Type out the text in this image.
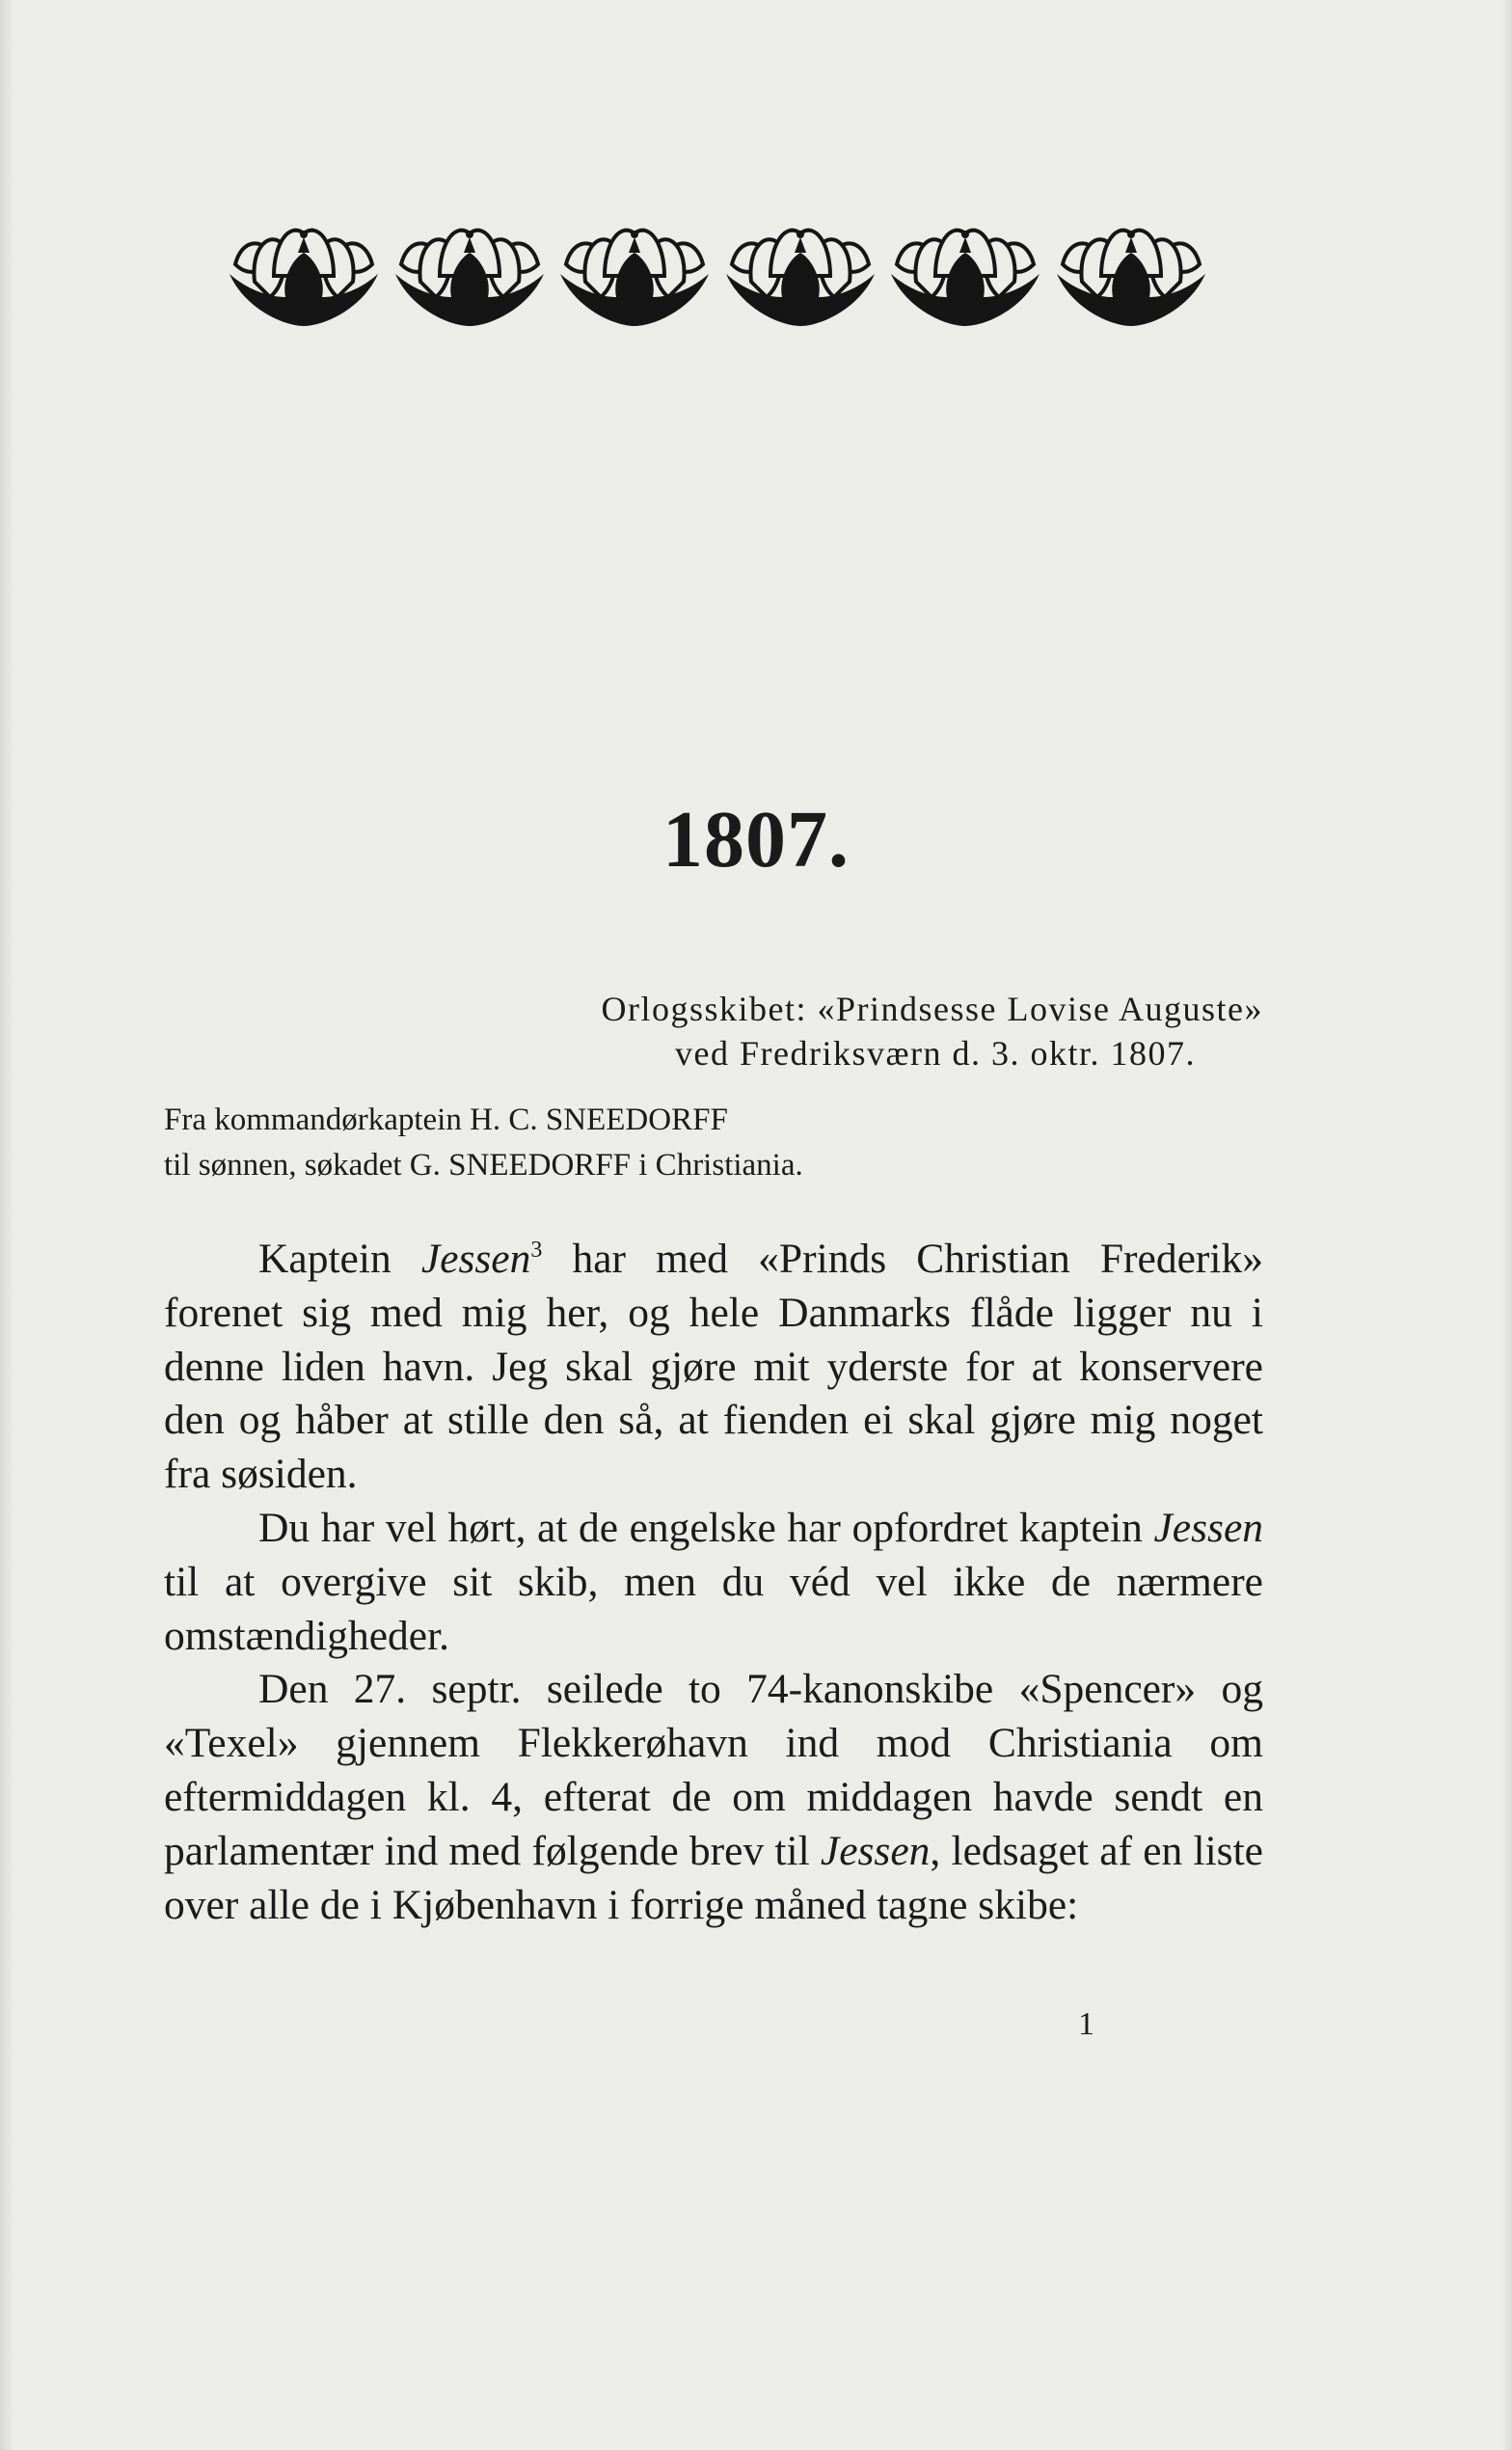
1807.
Orlogsskibet: «Prindsesse Lovise Auguste»
ved Fredriksværn d. 3. oktr. 1807.
Fra kommandørkaptein H. C. SNEEDORFF
til sønnen, søkadet G. SNEEDORFF i Christiania.

Kaptein Jessen$^3$ har med «Prinds Christian Frederik» forenet sig med mig her, og hele Danmarks flåde ligger nu i denne liden havn. Jeg skal gjøre mit yderste for at konservere den og håber at stille den så, at fienden ei skal gjøre mig noget fra søsiden.

Du har vel hørt, at de engelske har opfordret kaptein Jessen til at overgive sit skib, men du véd vel ikke de nærmere omstændigheder.

Den 27. septr. seilede to 74-kanonskibe «Spencer» og «Texel» gjennem Flekkerøhavn ind mod Christiania om eftermiddagen kl. 4, efterat de om middagen havde sendt en parlamentær ind med følgende brev til Jessen, ledsaget af en liste over alle de i Kjøbenhavn i forrige måned tagne skibe:

1
